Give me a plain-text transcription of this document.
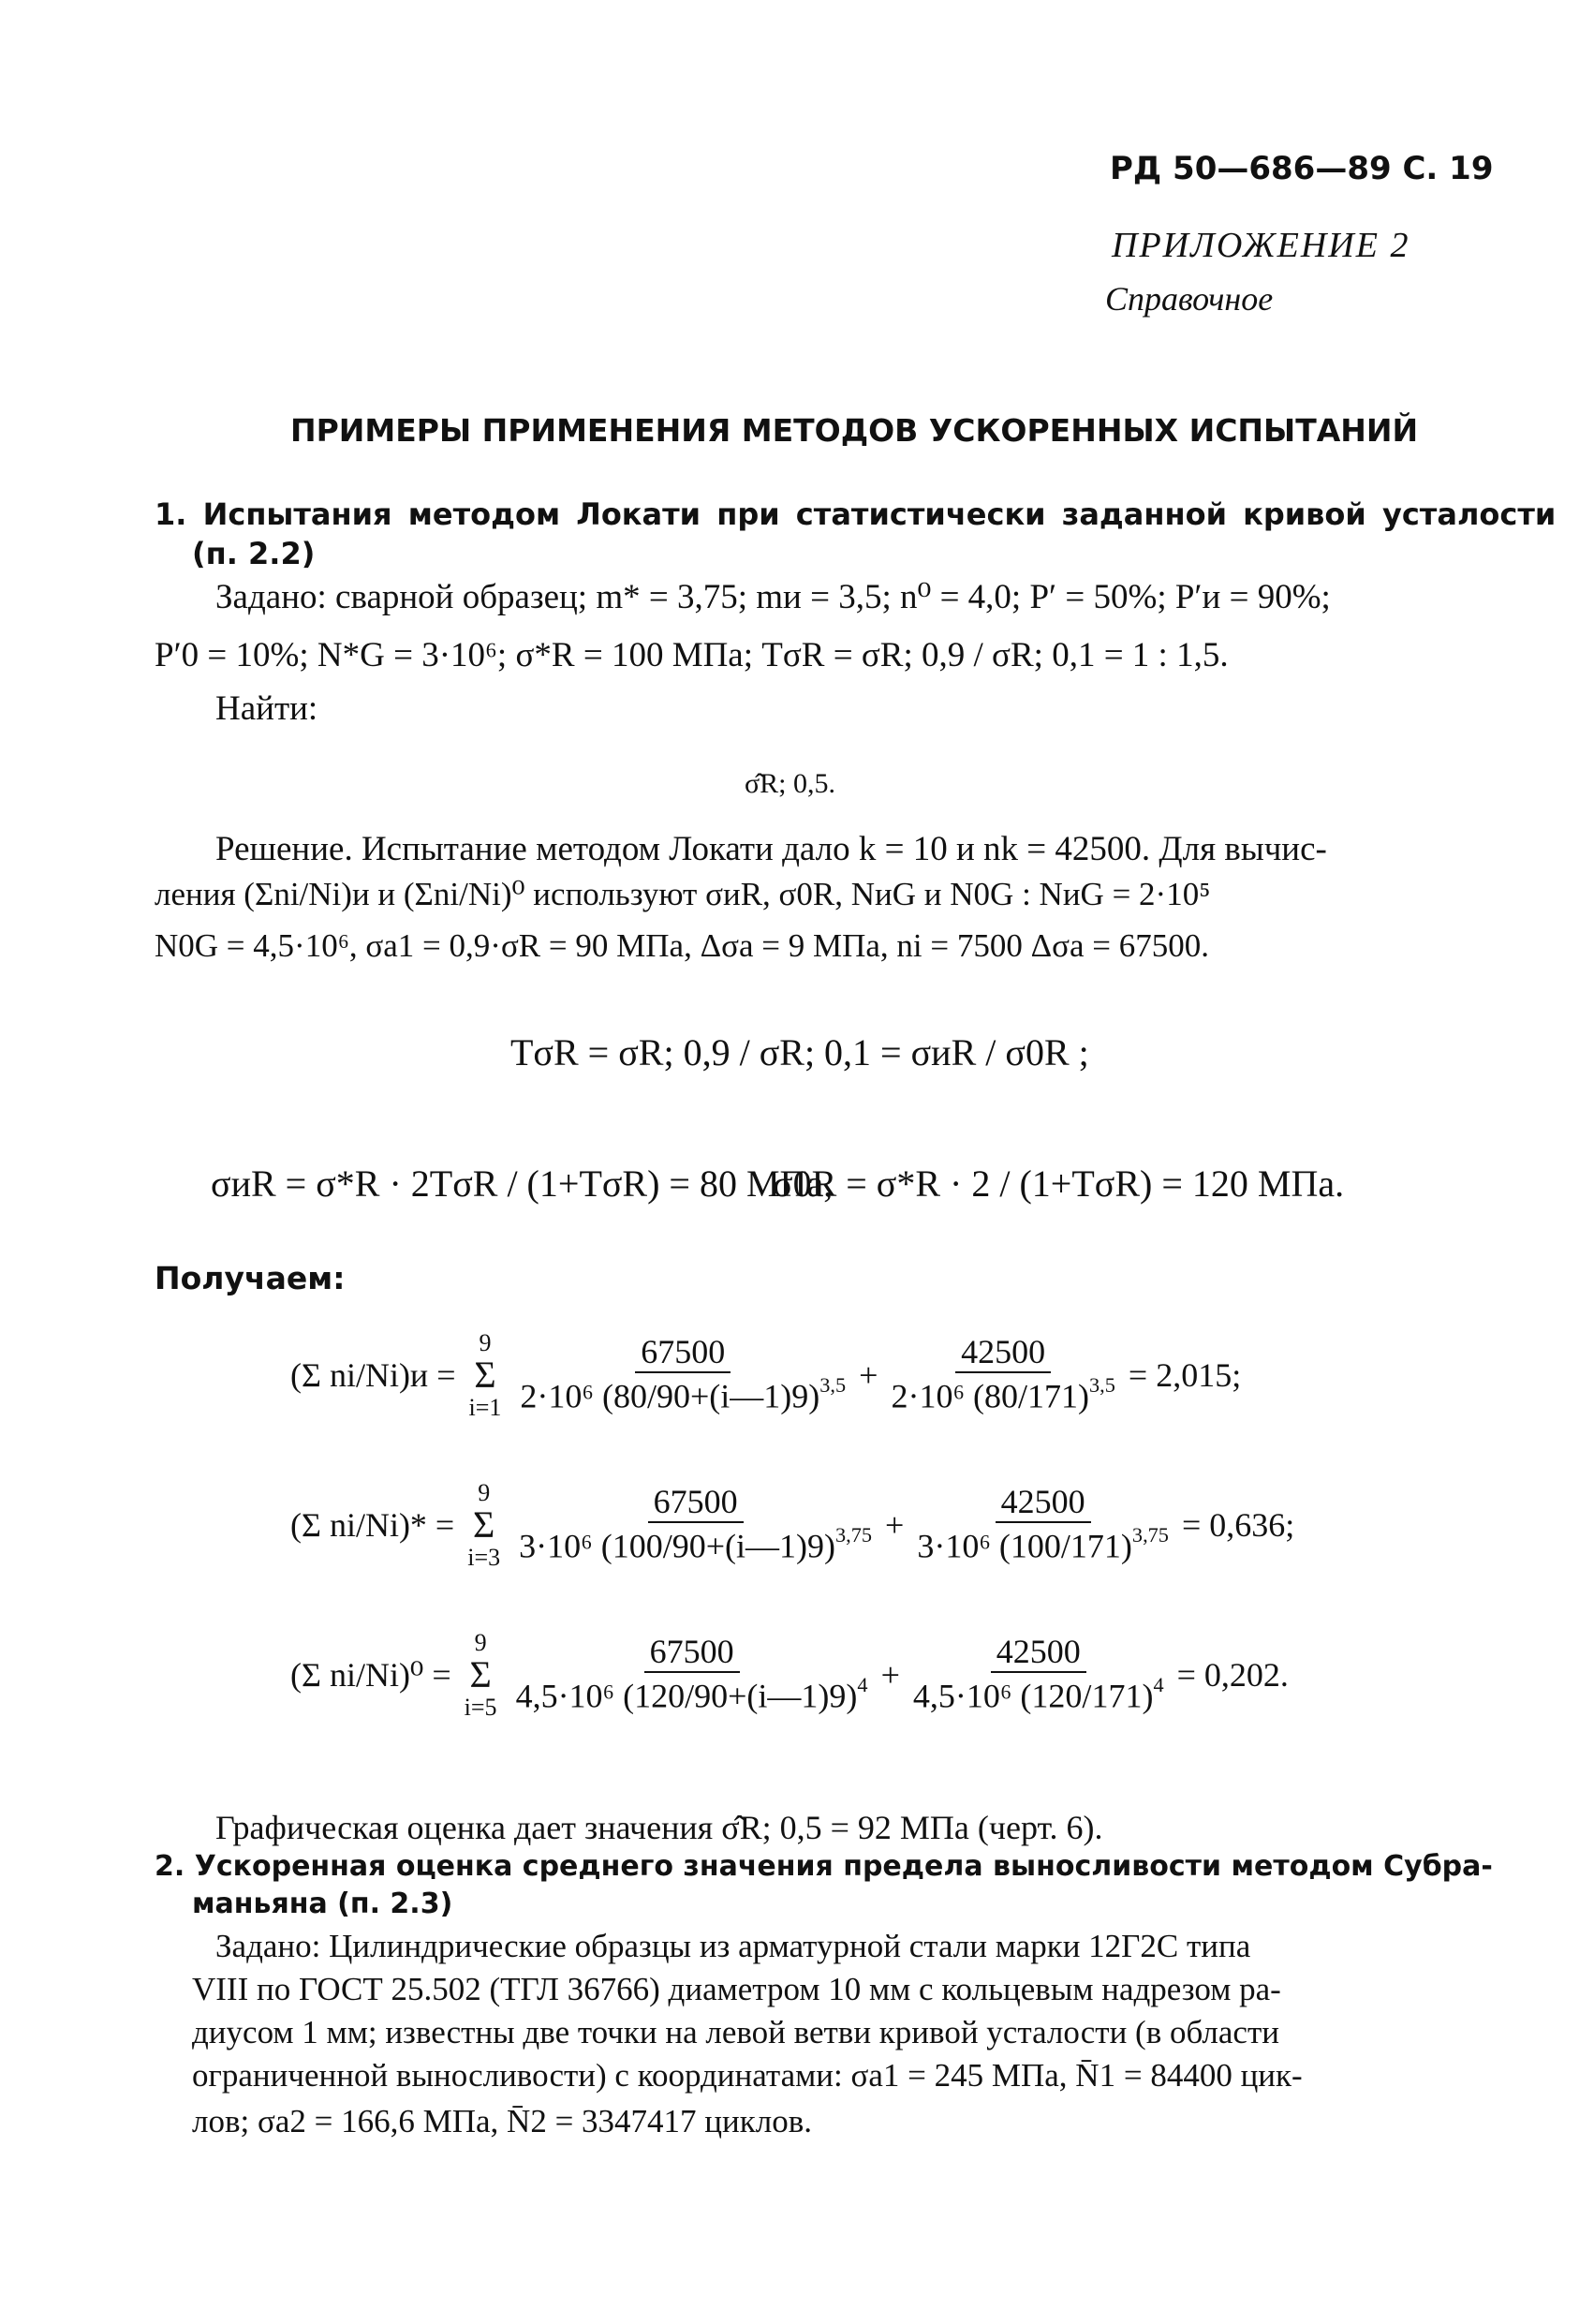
РД 50—686—89 С. 19
ПРИЛОЖЕНИЕ 2
Справочное
ПРИМЕРЫ ПРИМЕНЕНИЯ МЕТОДОВ УСКОРЕННЫХ ИСПЫТАНИЙ
1. Испытания методом Локати при статистически заданной кривой усталости
(п. 2.2)
Задано: сварной образец; m* = 3,75; mи = 3,5; n⁰ = 4,0; P′ = 50%; P′и = 90%;
P′0 = 10%; N*G = 3·10⁶; σ*R = 100 МПа; TσR = σR; 0,9 / σR; 0,1 = 1 : 1,5.
Найти:
σ̂R; 0,5.
Решение. Испытание методом Локати дало k = 10 и nk = 42500. Для вычис-
ления (Σni/Ni)и и (Σni/Ni)⁰ используют σиR, σ0R, NиG и N0G : NиG = 2·10⁵
N0G = 4,5·10⁶, σa1 = 0,9·σR = 90 МПа, Δσa = 9 МПа, ni = 7500 Δσa = 67500.
TσR = σR; 0,9 / σR; 0,1 = σиR / σ0R ;
σиR = σ*R · 2TσR / (1+TσR) = 80 МПа,
σ0R = σ*R · 2 / (1+TσR) = 120 МПа.
Получаем:
(Σ ni/Ni)и =
9
Σ
$i=1 \frac{67500}{2\cdot 10^6 (80/90+(i—1)9)^{3,5}} + \frac{42500}{2\cdot 10^6 (80/171)^{3,5}} = 2,015$;
(Σ ni/Ni)* =
9
Σ
$i=3 \frac{67500}{3\cdot 10^6 (100/90+(i—1)9)^{3,75}} + \frac{42500}{3\cdot 10^6 (100/171)^{3,75}} = 0,636$;
(Σ ni/Ni)⁰ =
9
Σ
$i=5 \frac{67500}{4,5\cdot 10^6 (120/90+(i—1)9)^4} + \frac{42500}{4,5\cdot 10^6 (120/171)^4} = 0,202$.
Графическая оценка дает значения σ̂R; 0,5 = 92 МПа (черт. 6).
2. Ускоренная оценка среднего значения предела выносливости методом Субра-
маньяна (п. 2.3)
Задано: Цилиндрические образцы из арматурной стали марки 12Г2С типа
VIII по ГОСТ 25.502 (ТГЛ 36766) диаметром 10 мм с кольцевым надрезом ра-
диусом 1 мм; известны две точки на левой ветви кривой усталости (в области
ограниченной выносливости) с координатами: σa1 = 245 МПа, N̄1 = 84400 цик-
лов; σa2 = 166,6 МПа, N̄2 = 3347417 циклов.
